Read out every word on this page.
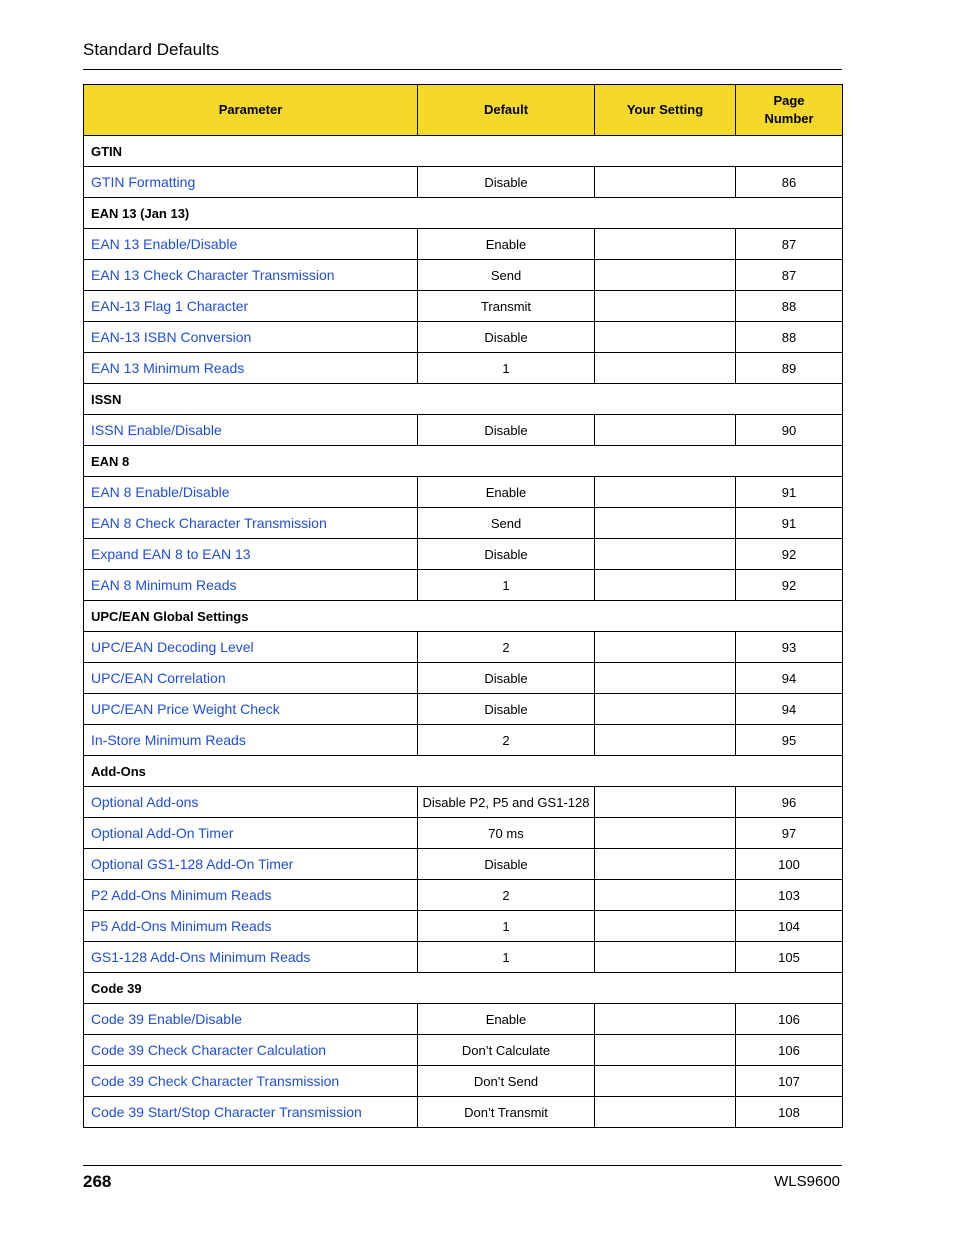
Standard Defaults
Parameter	Default	Your Setting	Page Number
GTIN			
GTIN Formatting	Disable		86
EAN 13 (Jan 13)			
EAN 13 Enable/Disable	Enable		87
EAN 13 Check Character Transmission	Send		87
EAN-13 Flag 1 Character	Transmit		88
EAN-13 ISBN Conversion	Disable		88
EAN 13 Minimum Reads	1		89
ISSN			
ISSN Enable/Disable	Disable		90
EAN 8			
EAN 8 Enable/Disable	Enable		91
EAN 8 Check Character Transmission	Send		91
Expand EAN 8 to EAN 13	Disable		92
EAN 8 Minimum Reads	1		92
UPC/EAN Global Settings			
UPC/EAN Decoding Level	2		93
UPC/EAN Correlation	Disable		94
UPC/EAN Price Weight Check	Disable		94
In-Store Minimum Reads	2		95
Add-Ons			
Optional Add-ons	Disable P2, P5 and GS1-128		96
Optional Add-On Timer	70 ms		97
Optional GS1-128 Add-On Timer	Disable		100
P2 Add-Ons Minimum Reads	2		103
P5 Add-Ons Minimum Reads	1		104
GS1-128 Add-Ons Minimum Reads	1		105
Code 39			
Code 39 Enable/Disable	Enable		106
Code 39 Check Character Calculation	Don’t Calculate		106
Code 39 Check Character Transmission	Don’t Send		107
Code 39 Start/Stop Character Transmission	Don’t Transmit		108
268	WLS9600
